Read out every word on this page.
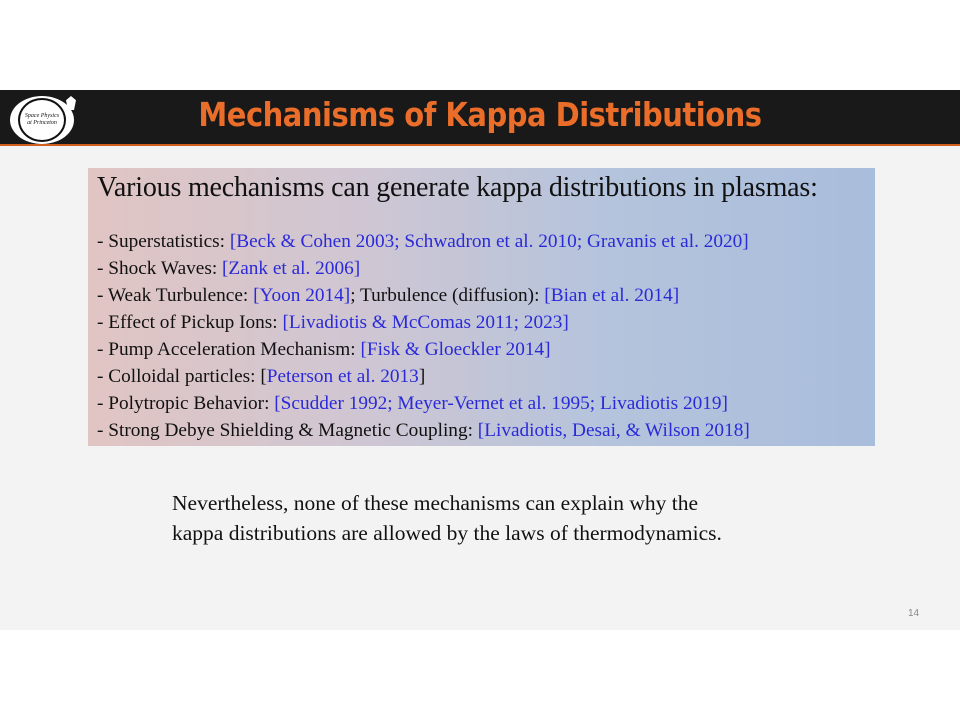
Space Physics at Princeton	Mechanisms of Kappa Distributions
Various mechanisms can generate kappa distributions in plasmas:
- Superstatistics: [Beck & Cohen 2003; Schwadron et al. 2010; Gravanis et al. 2020]
- Shock Waves: [Zank et al. 2006]
- Weak Turbulence: [Yoon 2014]; Turbulence (diffusion): [Bian et al. 2014]
- Effect of Pickup Ions: [Livadiotis & McComas 2011; 2023]
- Pump Acceleration Mechanism: [Fisk & Gloeckler 2014]
- Colloidal particles: [Peterson et al. 2013]
- Polytropic Behavior: [Scudder 1992; Meyer-Vernet et al. 1995; Livadiotis 2019]
- Strong Debye Shielding & Magnetic Coupling: [Livadiotis, Desai, & Wilson 2018]

Nevertheless, none of these mechanisms can explain why the

kappa distributions are allowed by the laws of thermodynamics.

14
